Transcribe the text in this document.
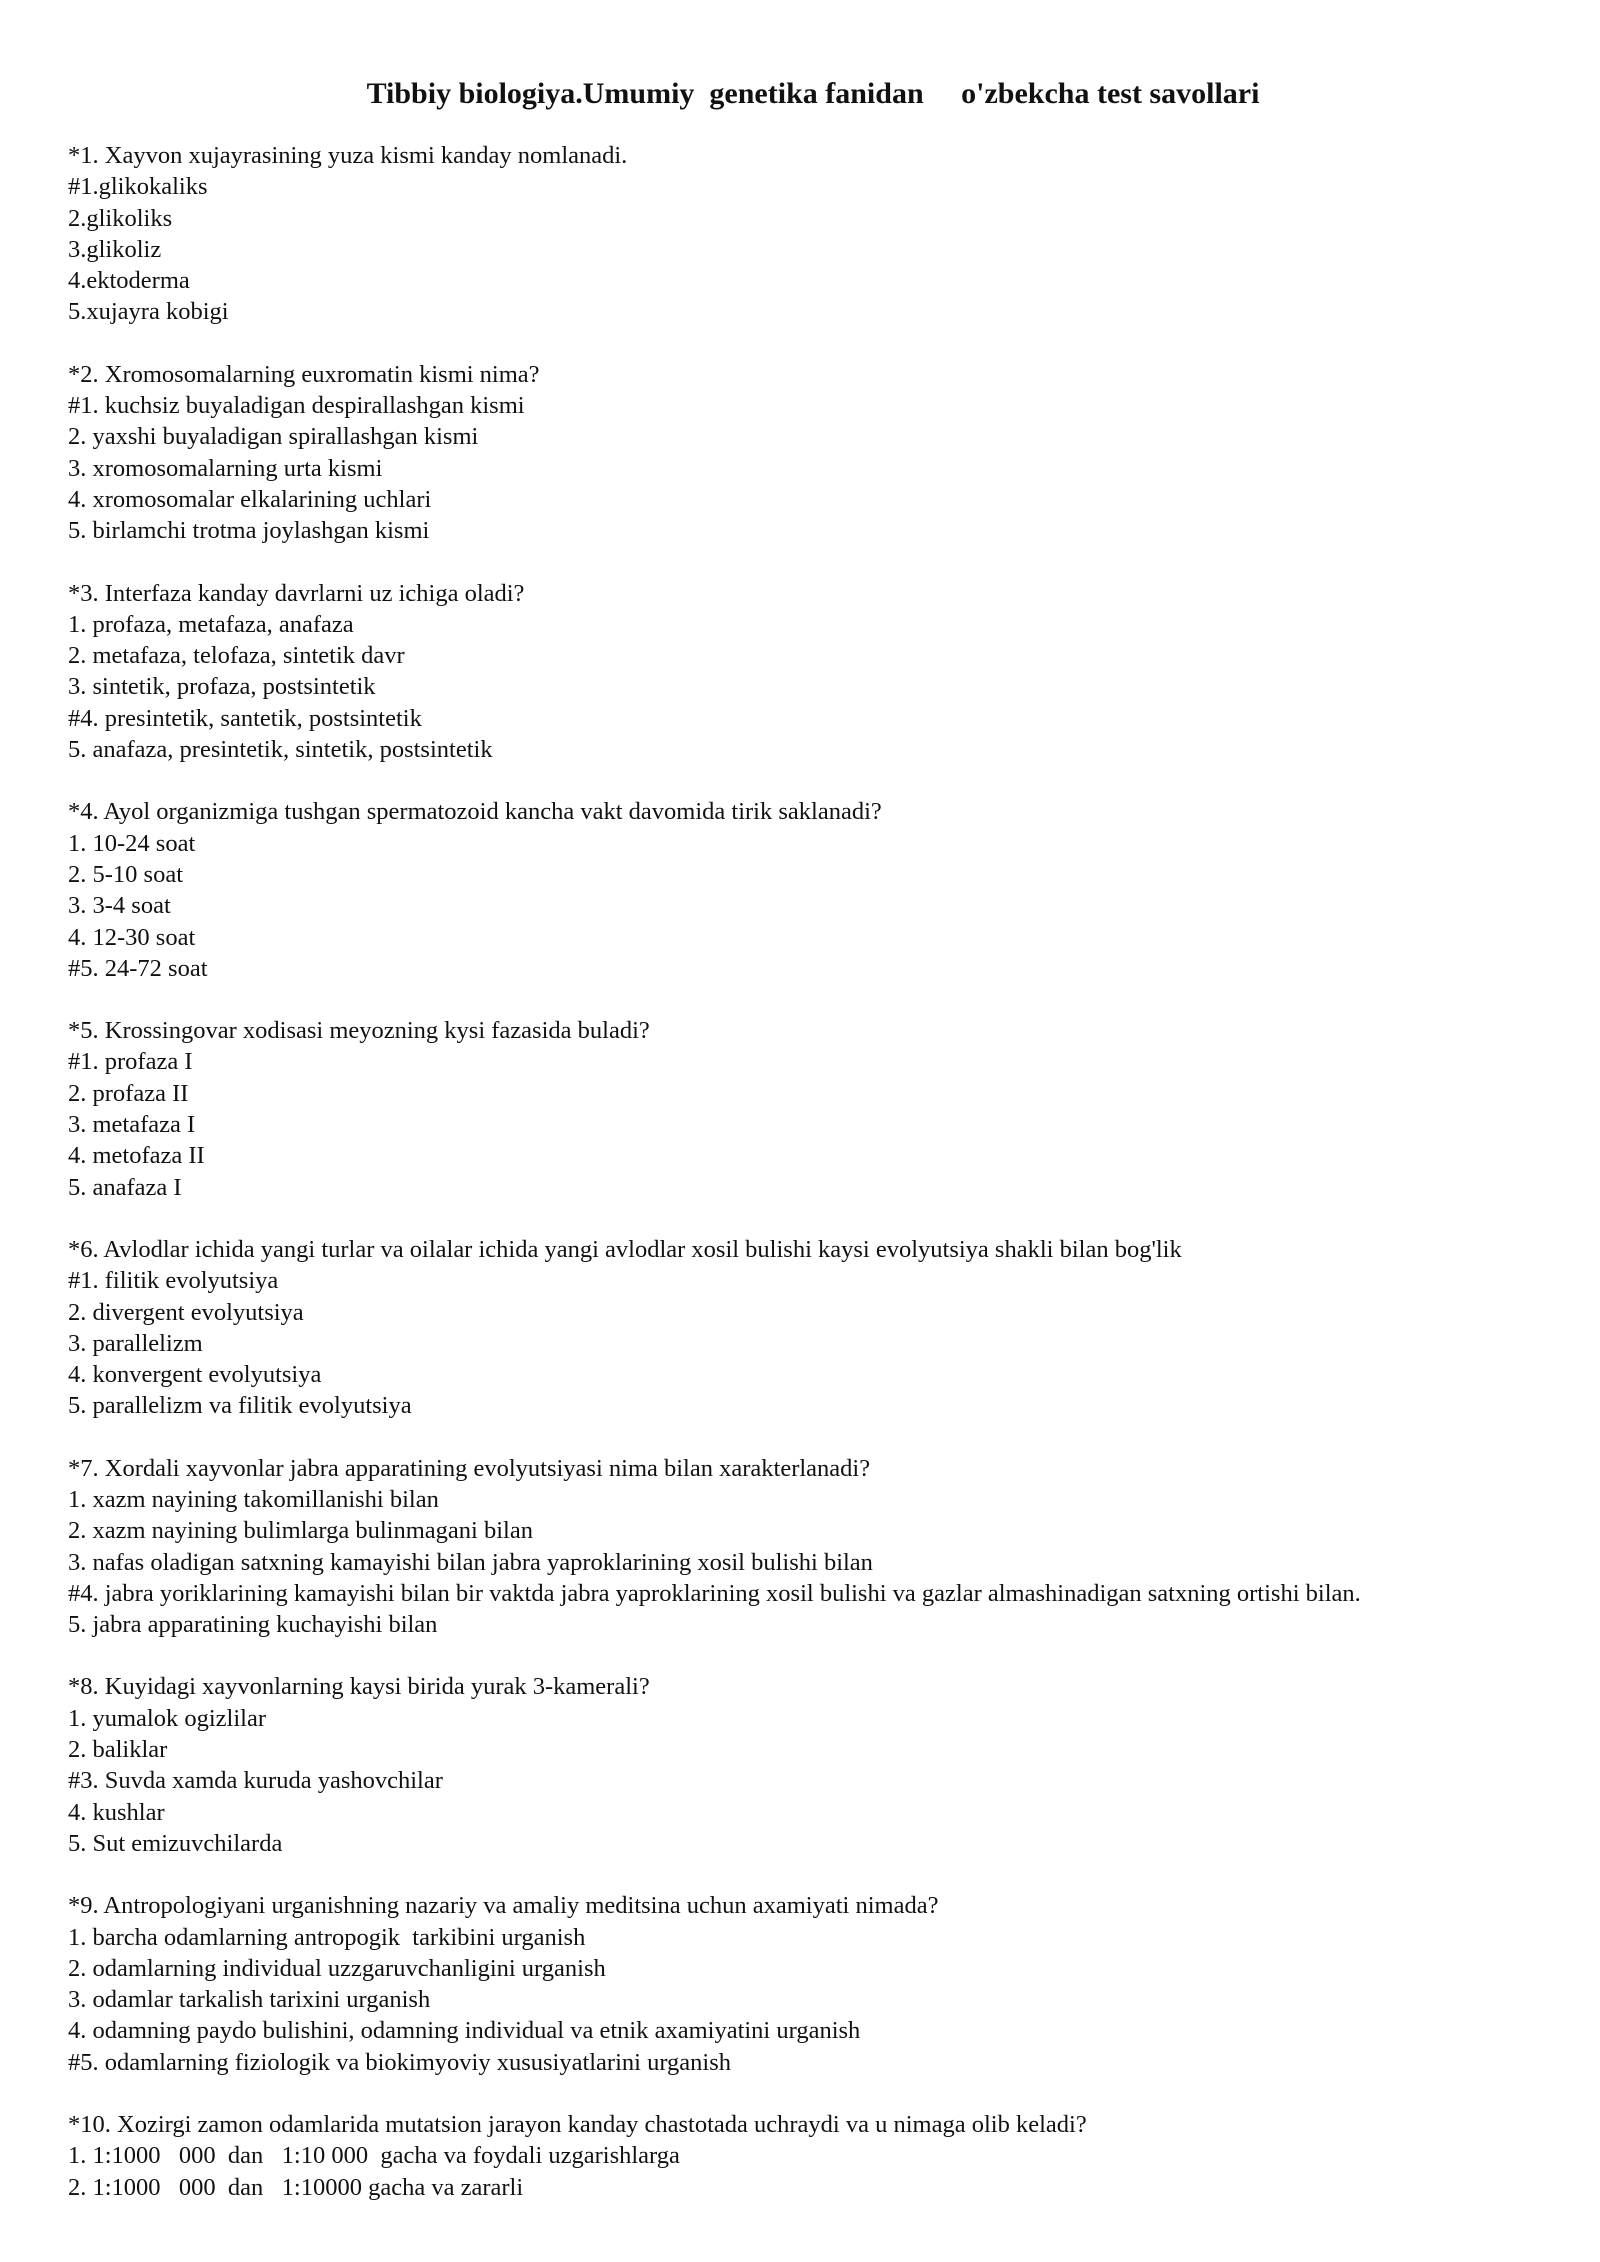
Tibbiy biologiya.Umumiy  genetika fanidan     o'zbekcha test savollari
*1. Xayvon xujayrasining yuza kismi kanday nomlanadi.
#1.glikokaliks
2.glikoliks
3.glikoliz
4.ektoderma
5.xujayra kobigi
*2. Xromosomalarning euxromatin kismi nima?
#1. kuchsiz buyaladigan despirallashgan kismi
2. yaxshi buyaladigan spirallashgan kismi
3. xromosomalarning urta kismi
4. xromosomalar elkalarining uchlari
5. birlamchi trotma joylashgan kismi
*3. Interfaza kanday davrlarni uz ichiga oladi?
1. profaza, metafaza, anafaza
2. metafaza, telofaza, sintetik davr
3. sintetik, profaza, postsintetik
#4. presintetik, santetik, postsintetik
5. anafaza, presintetik, sintetik, postsintetik
*4. Ayol organizmiga tushgan spermatozoid kancha vakt davomida tirik saklanadi?
1. 10-24 soat
2. 5-10 soat
3. 3-4 soat
4. 12-30 soat
#5. 24-72 soat
*5. Krossingovar xodisasi meyozning kysi fazasida buladi?
#1. profaza I
2. profaza II
3. metafaza I
4. metofaza II
5. anafaza I
*6. Avlodlar ichida yangi turlar va oilalar ichida yangi avlodlar xosil bulishi kaysi evolyutsiya shakli bilan bog'lik
#1. filitik evolyutsiya
2. divergent evolyutsiya
3. parallelizm
4. konvergent evolyutsiya
5. parallelizm va filitik evolyutsiya
*7. Xordali xayvonlar jabra apparatining evolyutsiyasi nima bilan xarakterlanadi?
1. xazm nayining takomillanishi bilan
2. xazm nayining bulimlarga bulinmagani bilan
3. nafas oladigan satxning kamayishi bilan jabra yaproklarining xosil bulishi bilan
#4. jabra yoriklarining kamayishi bilan bir vaktda jabra yaproklarining xosil bulishi va gazlar almashinadigan satxning ortishi bilan.
5. jabra apparatining kuchayishi bilan
*8. Kuyidagi xayvonlarning kaysi birida yurak 3-kamerali?
1. yumalok ogizlilar
2. baliklar
#3. Suvda xamda kuruda yashovchilar
4. kushlar
5. Sut emizuvchilarda
*9. Antropologiyani urganishning nazariy va amaliy meditsina uchun axamiyati nimada?
1. barcha odamlarning antropogik  tarkibini urganish
2. odamlarning individual uzzgaruvchanligini urganish
3. odamlar tarkalish tarixini urganish
4. odamning paydo bulishini, odamning individual va etnik axamiyatini urganish
#5. odamlarning fiziologik va biokimyoviy xususiyatlarini urganish
*10. Xozirgi zamon odamlarida mutatsion jarayon kanday chastotada uchraydi va u nimaga olib keladi?
1. 1:1000   000  dan   1:10 000  gacha va foydali uzgarishlarga
2. 1:1000   000  dan   1:10000 gacha va zararli
